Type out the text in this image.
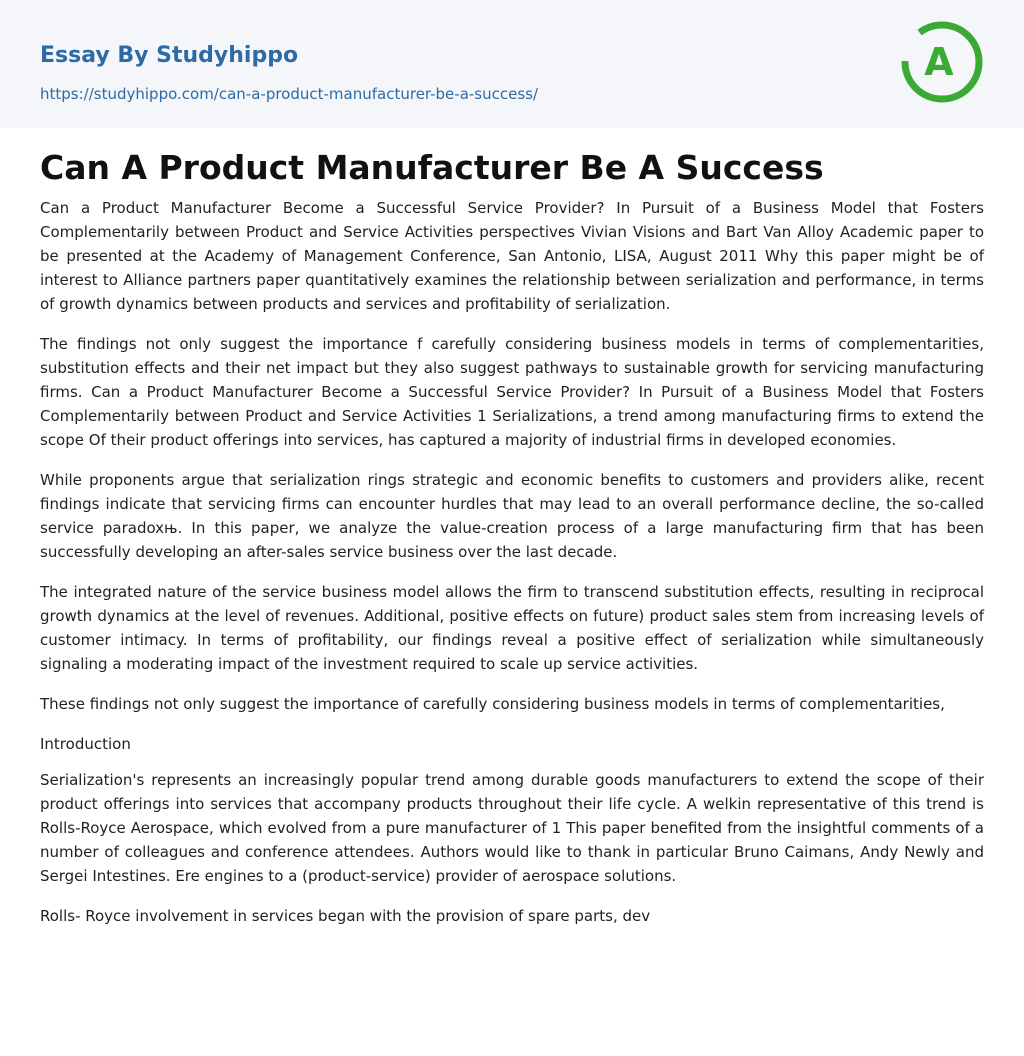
Essay By Studyhippo
https://studyhippo.com/can-a-product-manufacturer-be-a-success/
A
Can A Product Manufacturer Be A Success

Can a Product Manufacturer Become a Successful Service Provider? In Pursuit of a Business Model that Fosters Complementarily between Product and Service Activities perspectives Vivian Visions and Bart Van Alloy Academic paper to be presented at the Academy of Management Conference, San Antonio, LISA, August 2011 Why this paper might be of interest to Alliance partners paper quantitatively examines the relationship between serialization and performance, in terms of growth dynamics between products and services and profitability of serialization.

The findings not only suggest the importance f carefully considering business models in terms of complementarities, substitution effects and their net impact but they also suggest pathways to sustainable growth for servicing manufacturing firms. Can a Product Manufacturer Become a Successful Service Provider? In Pursuit of a Business Model that Fosters Complementarily between Product and Service Activities 1 Serializations, a trend among manufacturing firms to extend the scope Of their product offerings into services, has captured a majority of industrial firms in developed economies.

While proponents argue that serialization rings strategic and economic benefits to customers and providers alike, recent findings indicate that servicing firms can encounter hurdles that may lead to an overall performance decline, the so-called service paradoxњ. In this paper, we analyze the value-creation process of a large manufacturing firm that has been successfully developing an after-sales service business over the last decade.

The integrated nature of the service business model allows the firm to transcend substitution effects, resulting in reciprocal growth dynamics at the level of revenues. Additional, positive effects on future) product sales stem from increasing levels of customer intimacy. In terms of profitability, our findings reveal a positive effect of serialization while simultaneously signaling a moderating impact of the investment required to scale up service activities.

These findings not only suggest the importance of carefully considering business models in terms of complementarities,

Introduction

Serialization's represents an increasingly popular trend among durable goods manufacturers to extend the scope of their product offerings into services that accompany products throughout their life cycle. A welkin representative of this trend is Rolls-Royce Aerospace, which evolved from a pure manufacturer of 1 This paper benefited from the insightful comments of a number of colleagues and conference attendees. Authors would like to thank in particular Bruno Caimans, Andy Newly and Sergei Intestines. Ere engines to a (product-service) provider of aerospace solutions.

Rolls- Royce involvement in services began with the provision of spare parts, dev
